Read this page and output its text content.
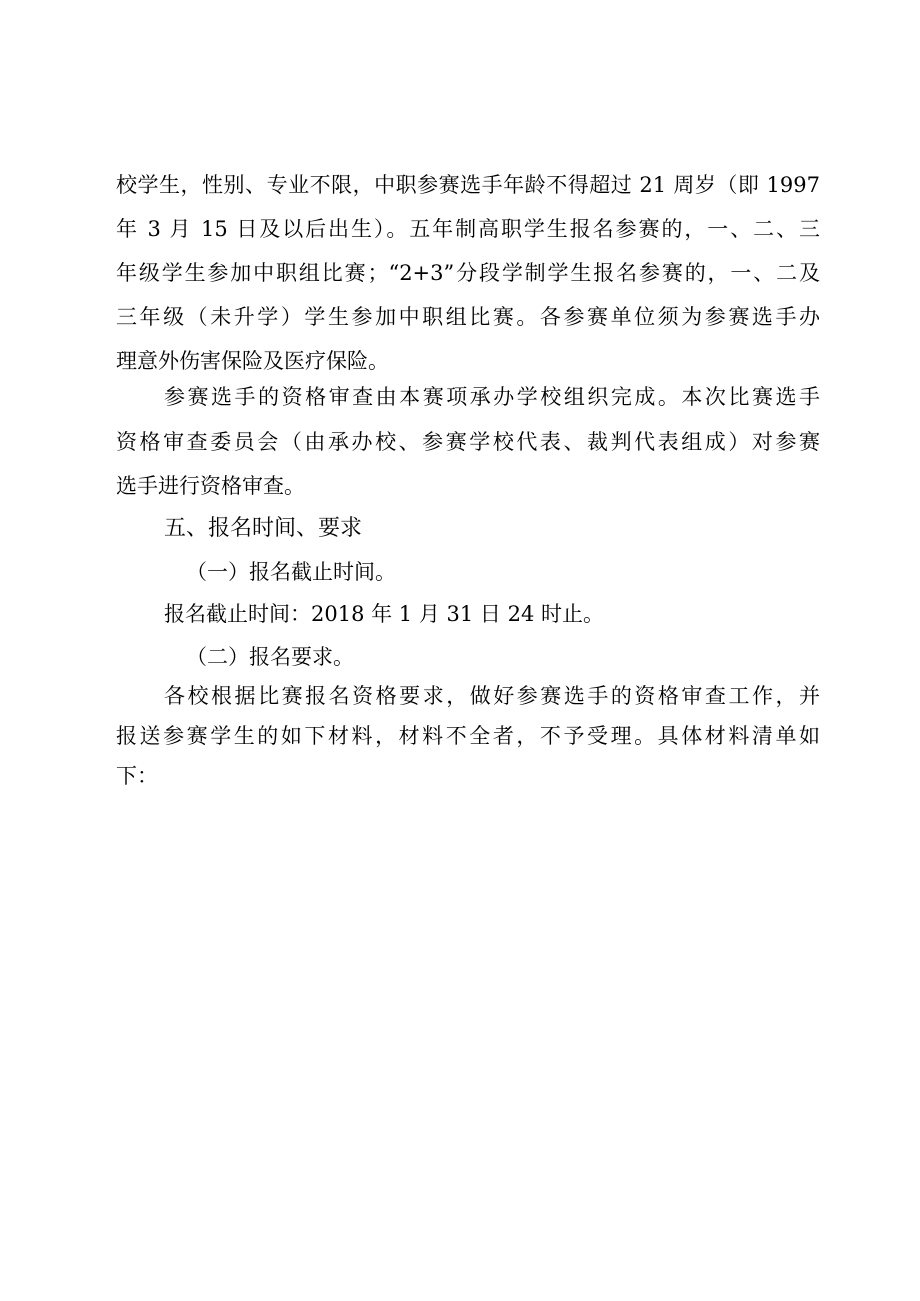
校学生，性别、专业不限，中职参赛选手年龄不得超过 21 周岁（即 1997
年 3 月 15 日及以后出生）。五年制高职学生报名参赛的，一、二、三
年级学生参加中职组比赛；“2+3”分段学制学生报名参赛的，一、二及
三年级（未升学）学生参加中职组比赛。各参赛单位须为参赛选手办
理意外伤害保险及医疗保险。
参赛选手的资格审查由本赛项承办学校组织完成。本次比赛选手
资格审查委员会（由承办校、参赛学校代表、裁判代表组成）对参赛
选手进行资格审查。
五、报名时间、要求
（一）报名截止时间。
报名截止时间：2018 年 1 月 31 日 24 时止。
（二）报名要求。
各校根据比赛报名资格要求，做好参赛选手的资格审查工作，并
报送参赛学生的如下材料，材料不全者，不予受理。具体材料清单如
下：
